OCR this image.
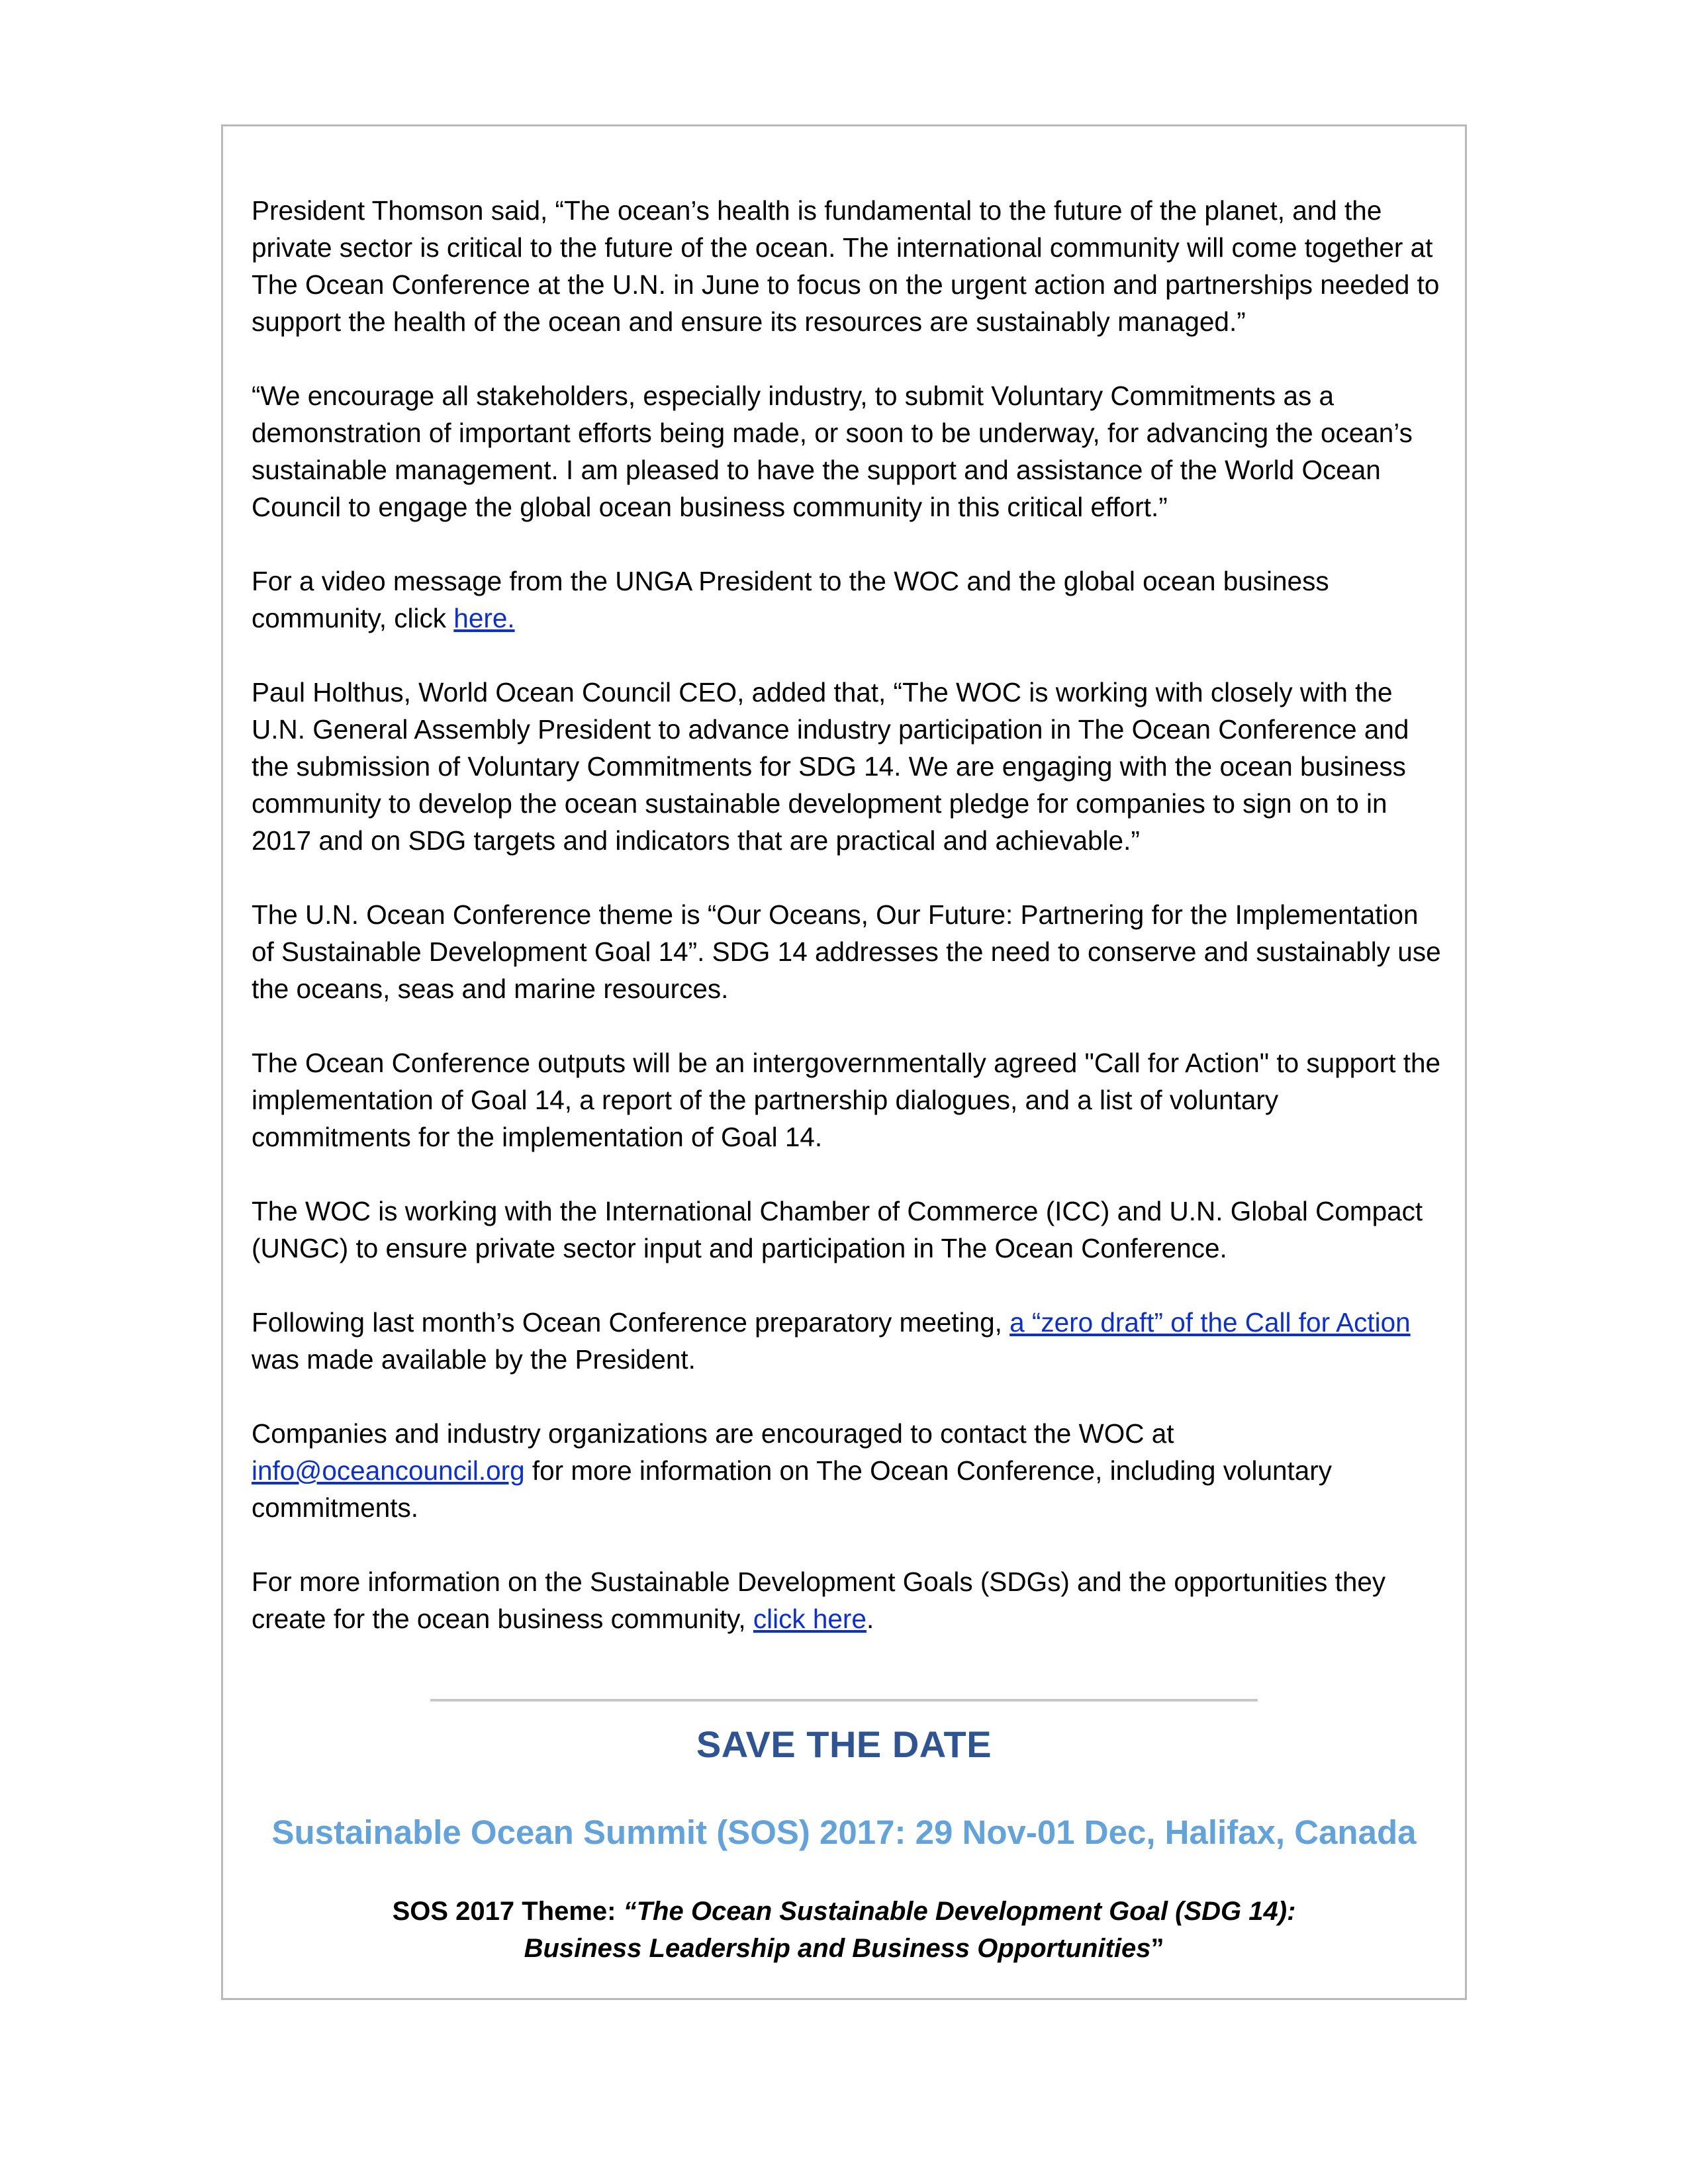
President Thomson said, “The ocean’s health is fundamental to the future of the planet, and the private sector is critical to the future of the ocean. The international community will come together at The Ocean Conference at the U.N. in June to focus on the urgent action and partnerships needed to support the health of the ocean and ensure its resources are sustainably managed.”

“We encourage all stakeholders, especially industry, to submit Voluntary Commitments as a demonstration of important efforts being made, or soon to be underway, for advancing the ocean’s sustainable management. I am pleased to have the support and assistance of the World Ocean Council to engage the global ocean business community in this critical effort.”

For a video message from the UNGA President to the WOC and the global ocean business community, click here.

Paul Holthus, World Ocean Council CEO, added that, “The WOC is working with closely with the U.N. General Assembly President to advance industry participation in The Ocean Conference and the submission of Voluntary Commitments for SDG 14. We are engaging with the ocean business community to develop the ocean sustainable development pledge for companies to sign on to in 2017 and on SDG targets and indicators that are practical and achievable.”

The U.N. Ocean Conference theme is “Our Oceans, Our Future: Partnering for the Implementation of Sustainable Development Goal 14”. SDG 14 addresses the need to conserve and sustainably use the oceans, seas and marine resources.

The Ocean Conference outputs will be an intergovernmentally agreed "Call for Action" to support the implementation of Goal 14, a report of the partnership dialogues, and a list of voluntary commitments for the implementation of Goal 14.

The WOC is working with the International Chamber of Commerce (ICC) and U.N. Global Compact (UNGC) to ensure private sector input and participation in The Ocean Conference.

Following last month’s Ocean Conference preparatory meeting, a “zero draft” of the Call for Action was made available by the President.

Companies and industry organizations are encouraged to contact the WOC at info@oceancouncil.org for more information on The Ocean Conference, including voluntary commitments.

For more information on the Sustainable Development Goals (SDGs) and the opportunities they create for the ocean business community, click here.

SAVE THE DATE
Sustainable Ocean Summit (SOS) 2017: 29 Nov-01 Dec, Halifax, Canada
SOS 2017 Theme: “The Ocean Sustainable Development Goal (SDG 14):
Business Leadership and Business Opportunities”
